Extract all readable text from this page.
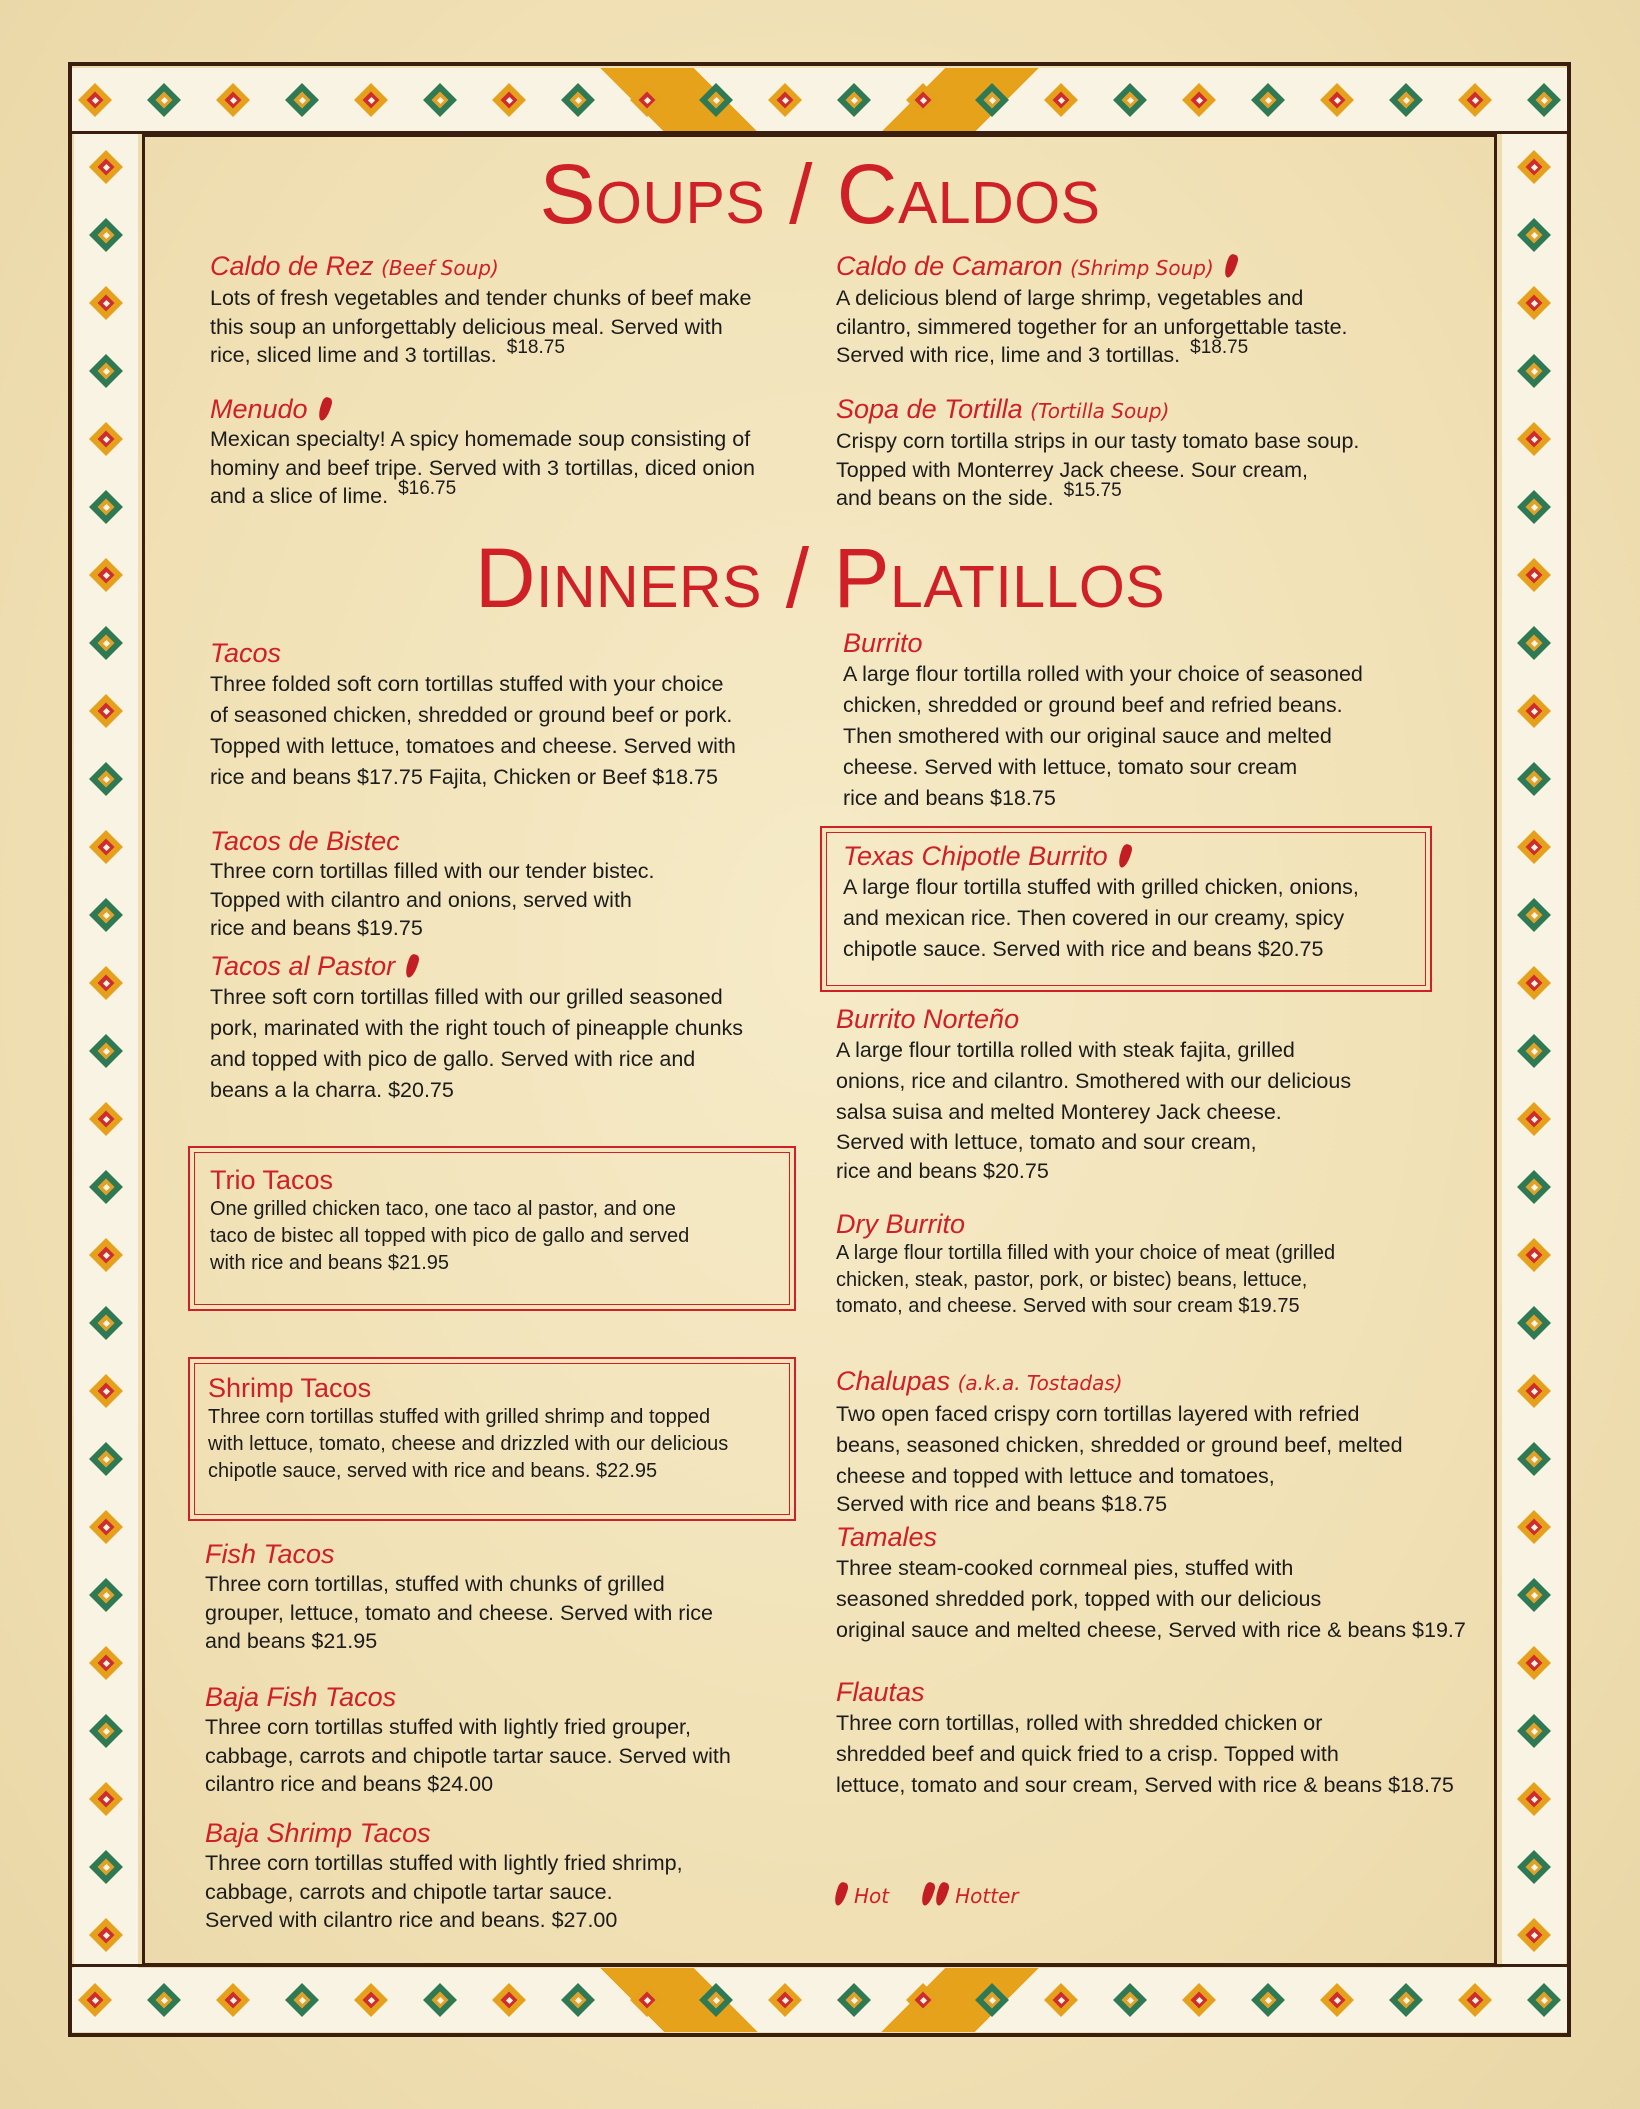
Soups / Caldos
Caldo de Rez (Beef Soup)
Lots of fresh vegetables and tender chunks of beef make
this soup an unforgettably delicious meal. Served with
rice, sliced lime and 3 tortillas. $18.75
Caldo de Camaron (Shrimp Soup)
A delicious blend of large shrimp, vegetables and
cilantro, simmered together for an unforgettable taste.
Served with rice, lime and 3 tortillas. $18.75
Menudo
Mexican specialty! A spicy homemade soup consisting of
hominy and beef tripe. Served with 3 tortillas, diced onion
and a slice of lime. $16.75
Sopa de Tortilla (Tortilla Soup)
Crispy corn tortilla strips in our tasty tomato base soup.
Topped with Monterrey Jack cheese. Sour cream,
and beans on the side. $15.75
Dinners / Platillos
Tacos
Three folded soft corn tortillas stuffed with your choice
of seasoned chicken, shredded or ground beef or pork.
Topped with lettuce, tomatoes and cheese. Served with
rice and beans $17.75 Fajita, Chicken or Beef $18.75
Tacos de Bistec
Three corn tortillas filled with our tender bistec.
Topped with cilantro and onions, served with
rice and beans $19.75
Tacos al Pastor
Three soft corn tortillas filled with our grilled seasoned
pork, marinated with the right touch of pineapple chunks
and topped with pico de gallo. Served with rice and
beans a la charra. $20.75
Trio Tacos
One grilled chicken taco, one taco al pastor, and one
taco de bistec all topped with pico de gallo and served
with rice and beans $21.95
Shrimp Tacos
Three corn tortillas stuffed with grilled shrimp and topped
with lettuce, tomato, cheese and drizzled with our delicious
chipotle sauce, served with rice and beans. $22.95
Fish Tacos
Three corn tortillas, stuffed with chunks of grilled
grouper, lettuce, tomato and cheese. Served with rice
and beans $21.95
Baja Fish Tacos
Three corn tortillas stuffed with lightly fried grouper,
cabbage, carrots and chipotle tartar sauce. Served with
cilantro rice and beans $24.00
Baja Shrimp Tacos
Three corn tortillas stuffed with lightly fried shrimp,
cabbage, carrots and chipotle tartar sauce.
Served with cilantro rice and beans. $27.00
Burrito
A large flour tortilla rolled with your choice of seasoned
chicken, shredded or ground beef and refried beans.
Then smothered with our original sauce and melted
cheese. Served with lettuce, tomato sour cream
rice and beans $18.75
Texas Chipotle Burrito
A large flour tortilla stuffed with grilled chicken, onions,
and mexican rice. Then covered in our creamy, spicy
chipotle sauce. Served with rice and beans $20.75
Burrito Norteño
A large flour tortilla rolled with steak fajita, grilled
onions, rice and cilantro. Smothered with our delicious
salsa suisa and melted Monterey Jack cheese.
Served with lettuce, tomato and sour cream,
rice and beans $20.75
Dry Burrito
A large flour tortilla filled with your choice of meat (grilled
chicken, steak, pastor, pork, or bistec) beans, lettuce,
tomato, and cheese. Served with sour cream $19.75
Chalupas (a.k.a. Tostadas)
Two open faced crispy corn tortillas layered with refried
beans, seasoned chicken, shredded or ground beef, melted
cheese and topped with lettuce and tomatoes,
Served with rice and beans $18.75
Tamales
Three steam-cooked cornmeal pies, stuffed with
seasoned shredded pork, topped with our delicious
original sauce and melted cheese, Served with rice & beans $19.7
Flautas
Three corn tortillas, rolled with shredded chicken or
shredded beef and quick fried to a crisp. Topped with
lettuce, tomato and sour cream, Served with rice & beans $18.75
Hot	Hotter
